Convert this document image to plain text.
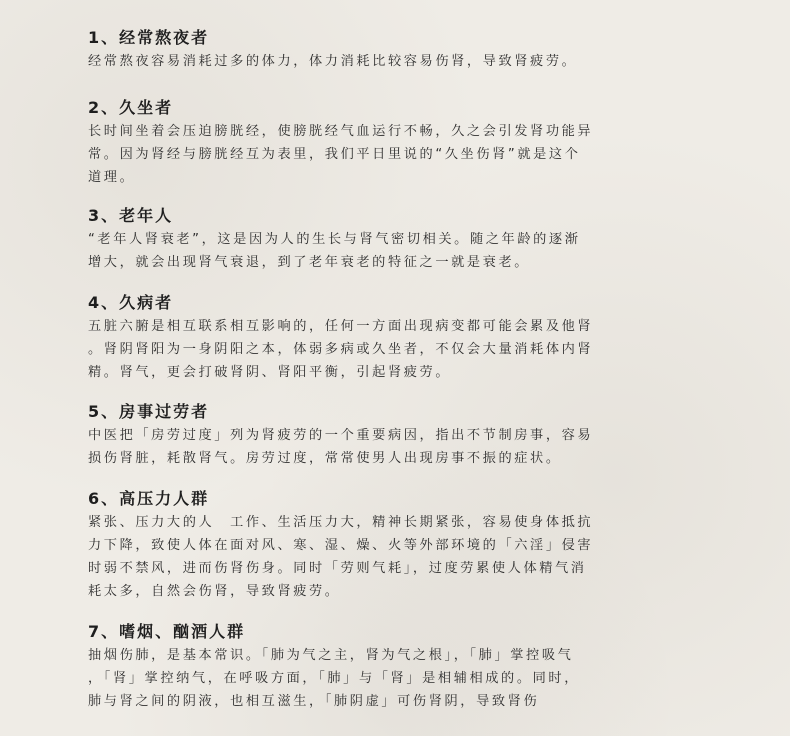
1、经常熬夜者
经常熬夜容易消耗过多的体力，体力消耗比较容易伤肾，导致肾疲劳。
2、久坐者
长时间坐着会压迫膀胱经，使膀胱经气血运行不畅，久之会引发肾功能异
常。因为肾经与膀胱经互为表里，我们平日里说的“久坐伤肾”就是这个
道理。
3、老年人
“老年人肾衰老”，这是因为人的生长与肾气密切相关。随之年龄的逐渐
增大，就会出现肾气衰退，到了老年衰老的特征之一就是衰老。
4、久病者
五脏六腑是相互联系相互影响的，任何一方面出现病变都可能会累及他肾
。肾阴肾阳为一身阴阳之本，体弱多病或久坐者，不仅会大量消耗体内肾
精。肾气，更会打破肾阴、肾阳平衡，引起肾疲劳。
5、房事过劳者
中医把「房劳过度」列为肾疲劳的一个重要病因，指出不节制房事，容易
损伤肾脏，耗散肾气。房劳过度，常常使男人出现房事不振的症状。
6、高压力人群
紧张、压力大的人　工作、生活压力大，精神长期紧张，容易使身体抵抗
力下降，致使人体在面对风、寒、湿、燥、火等外部环境的「六淫」侵害
时弱不禁风，进而伤肾伤身。同时「劳则气耗」，过度劳累使人体精气消
耗太多，自然会伤肾，导致肾疲劳。
7、嗜烟、酗酒人群
抽烟伤肺，是基本常识。「肺为气之主，肾为气之根」，「肺」掌控吸气
，「肾」掌控纳气，在呼吸方面，「肺」与「肾」是相辅相成的。同时，
肺与肾之间的阴液，也相互滋生，「肺阴虚」可伤肾阴，导致肾伤
